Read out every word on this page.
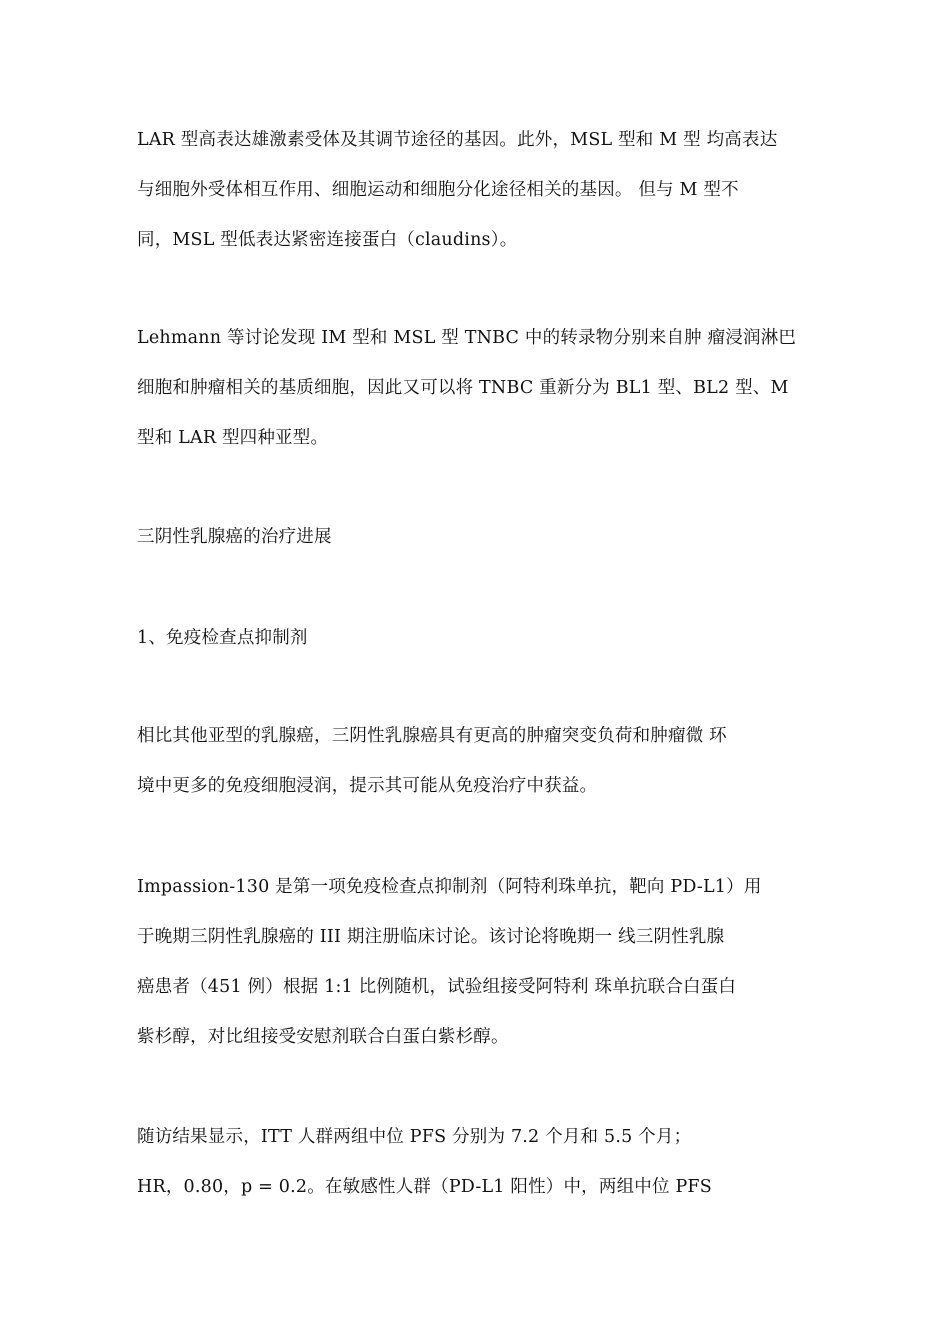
LAR 型高表达雄激素受体及其调节途径的基因。此外，MSL 型和 M 型 均高表达
与细胞外受体相互作用、细胞运动和细胞分化途径相关的基因。 但与 M 型不
同，MSL 型低表达紧密连接蛋白（claudins）。
Lehmann 等讨论发现 IM 型和 MSL 型 TNBC 中的转录物分别来自肿 瘤浸润淋巴
细胞和肿瘤相关的基质细胞，因此又可以将 TNBC 重新分为 BL1 型、BL2 型、M
型和 LAR 型四种亚型。
三阴性乳腺癌的治疗进展
1、免疫检查点抑制剂
相比其他亚型的乳腺癌，三阴性乳腺癌具有更高的肿瘤突变负荷和肿瘤微 环
境中更多的免疫细胞浸润，提示其可能从免疫治疗中获益。
Impassion-130 是第一项免疫检查点抑制剂（阿特利珠单抗，靶向 PD-L1）用
于晚期三阴性乳腺癌的 III 期注册临床讨论。该讨论将晚期一 线三阴性乳腺
癌患者（451 例）根据 1:1 比例随机，试验组接受阿特利 珠单抗联合白蛋白
紫杉醇，对比组接受安慰剂联合白蛋白紫杉醇。
随访结果显示，ITT 人群两组中位 PFS 分别为 7.2 个月和 5.5 个月；
HR，0.80，p = 0.2。在敏感性人群（PD-L1 阳性）中，两组中位 PFS
